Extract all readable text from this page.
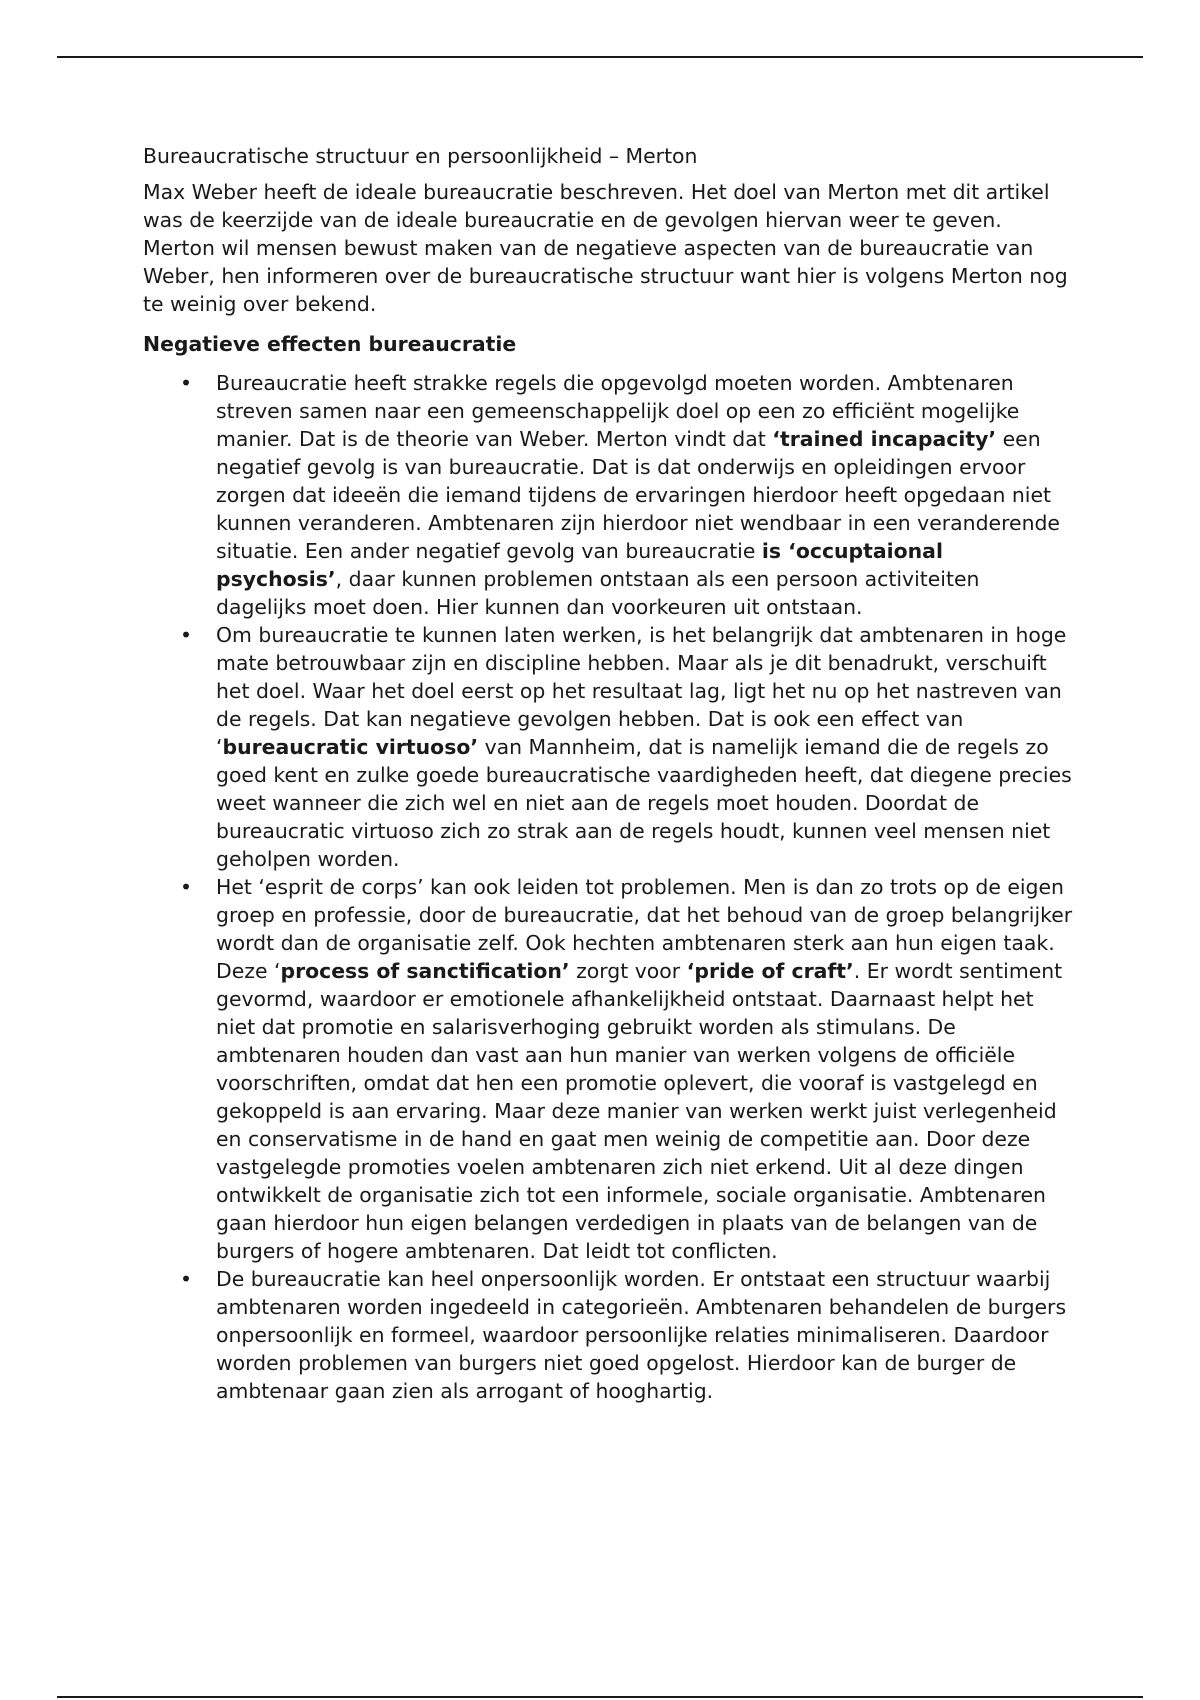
Bureaucratische structuur en persoonlijkheid – Merton

Max Weber heeft de ideale bureaucratie beschreven. Het doel van Merton met dit artikel was de keerzijde van de ideale bureaucratie en de gevolgen hiervan weer te geven. Merton wil mensen bewust maken van de negatieve aspecten van de bureaucratie van Weber, hen informeren over de bureaucratische structuur want hier is volgens Merton nog te weinig over bekend.

Negatieve effecten bureaucratie

• Bureaucratie heeft strakke regels die opgevolgd moeten worden. Ambtenaren streven samen naar een gemeenschappelijk doel op een zo efficiënt mogelijke manier. Dat is de theorie van Weber. Merton vindt dat ‘trained incapacity’ een negatief gevolg is van bureaucratie. Dat is dat onderwijs en opleidingen ervoor zorgen dat ideeën die iemand tijdens de ervaringen hierdoor heeft opgedaan niet kunnen veranderen. Ambtenaren zijn hierdoor niet wendbaar in een veranderende situatie. Een ander negatief gevolg van bureaucratie is ‘occuptaional psychosis’, daar kunnen problemen ontstaan als een persoon activiteiten dagelijks moet doen. Hier kunnen dan voorkeuren uit ontstaan.
• Om bureaucratie te kunnen laten werken, is het belangrijk dat ambtenaren in hoge mate betrouwbaar zijn en discipline hebben. Maar als je dit benadrukt, verschuift het doel. Waar het doel eerst op het resultaat lag, ligt het nu op het nastreven van de regels. Dat kan negatieve gevolgen hebben. Dat is ook een effect van ‘bureaucratic virtuoso’ van Mannheim, dat is namelijk iemand die de regels zo goed kent en zulke goede bureaucratische vaardigheden heeft, dat diegene precies weet wanneer die zich wel en niet aan de regels moet houden. Doordat de bureaucratic virtuoso zich zo strak aan de regels houdt, kunnen veel mensen niet geholpen worden.
• Het ‘esprit de corps’ kan ook leiden tot problemen. Men is dan zo trots op de eigen groep en professie, door de bureaucratie, dat het behoud van de groep belangrijker wordt dan de organisatie zelf. Ook hechten ambtenaren sterk aan hun eigen taak. Deze ‘process of sanctification’ zorgt voor ‘pride of craft’. Er wordt sentiment gevormd, waardoor er emotionele afhankelijkheid ontstaat. Daarnaast helpt het niet dat promotie en salarisverhoging gebruikt worden als stimulans. De ambtenaren houden dan vast aan hun manier van werken volgens de officiële voorschriften, omdat dat hen een promotie oplevert, die vooraf is vastgelegd en gekoppeld is aan ervaring. Maar deze manier van werken werkt juist verlegenheid en conservatisme in de hand en gaat men weinig de competitie aan. Door deze vastgelegde promoties voelen ambtenaren zich niet erkend. Uit al deze dingen ontwikkelt de organisatie zich tot een informele, sociale organisatie. Ambtenaren gaan hierdoor hun eigen belangen verdedigen in plaats van de belangen van de burgers of hogere ambtenaren. Dat leidt tot conflicten.
• De bureaucratie kan heel onpersoonlijk worden. Er ontstaat een structuur waarbij ambtenaren worden ingedeeld in categorieën. Ambtenaren behandelen de burgers onpersoonlijk en formeel, waardoor persoonlijke relaties minimaliseren. Daardoor worden problemen van burgers niet goed opgelost. Hierdoor kan de burger de ambtenaar gaan zien als arrogant of hooghartig.
